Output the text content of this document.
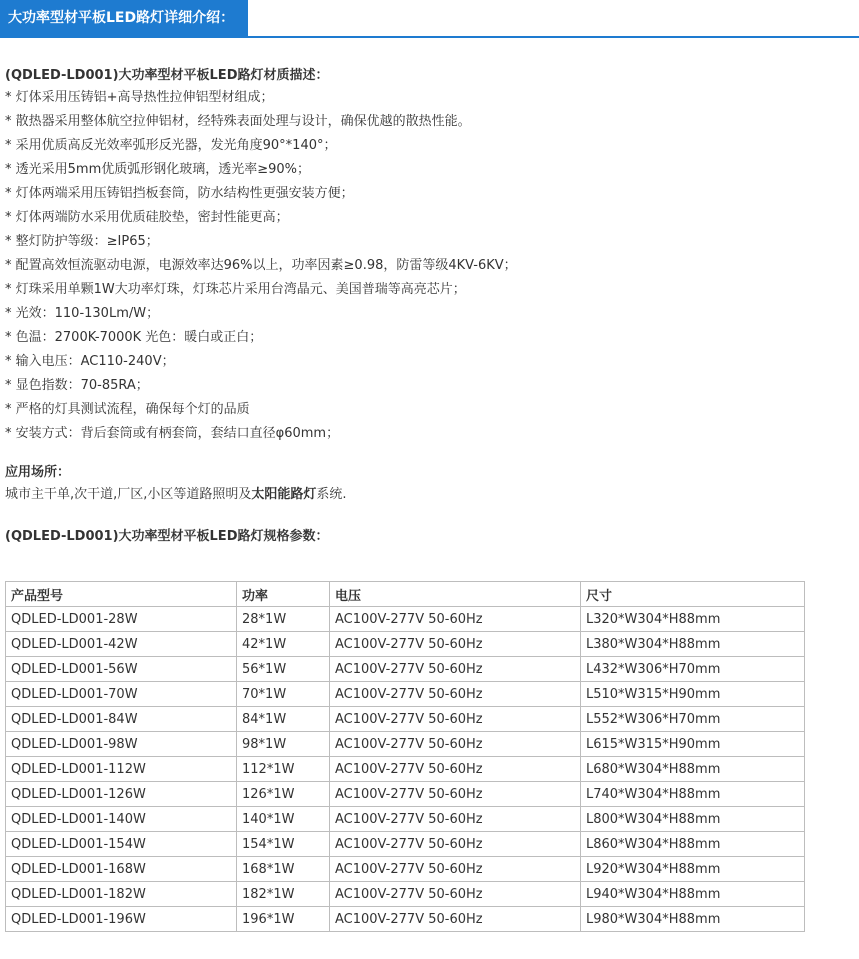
大功率型材平板LED路灯详细介绍：
(QDLED-LD001)大功率型材平板LED路灯材质描述：
* 灯体采用压铸铝+高导热性拉伸铝型材组成；
* 散热器采用整体航空拉伸铝材，经特殊表面处理与设计，确保优越的散热性能。
* 采用优质高反光效率弧形反光器，发光角度90°*140°；
* 透光采用5mm优质弧形钢化玻璃，透光率≥90%；
* 灯体两端采用压铸铝挡板套筒，防水结构性更强安装方便；
* 灯体两端防水采用优质硅胶垫，密封性能更高；
* 整灯防护等级：≥IP65；
* 配置高效恒流驱动电源，电源效率达96%以上，功率因素≥0.98，防雷等级4KV-6KV；
* 灯珠采用单颗1W大功率灯珠，灯珠芯片采用台湾晶元、美国普瑞等高亮芯片；
* 光效：110-130Lm/W；
* 色温：2700K-7000K 光色：暖白或正白；
* 输入电压：AC110-240V；
* 显色指数：70-85RA；
* 严格的灯具测试流程，确保每个灯的品质
* 安装方式：背后套筒或有柄套筒，套结口直径φ60mm；
应用场所：
城市主干单,次干道,厂区,小区等道路照明及太阳能路灯系统.
(QDLED-LD001)大功率型材平板LED路灯规格参数：
产品型号	功率	电压	尺寸
QDLED-LD001-28W	28*1W	AC100V-277V 50-60Hz	L320*W304*H88mm
QDLED-LD001-42W	42*1W	AC100V-277V 50-60Hz	L380*W304*H88mm
QDLED-LD001-56W	56*1W	AC100V-277V 50-60Hz	L432*W306*H70mm
QDLED-LD001-70W	70*1W	AC100V-277V 50-60Hz	L510*W315*H90mm
QDLED-LD001-84W	84*1W	AC100V-277V 50-60Hz	L552*W306*H70mm
QDLED-LD001-98W	98*1W	AC100V-277V 50-60Hz	L615*W315*H90mm
QDLED-LD001-112W	112*1W	AC100V-277V 50-60Hz	L680*W304*H88mm
QDLED-LD001-126W	126*1W	AC100V-277V 50-60Hz	L740*W304*H88mm
QDLED-LD001-140W	140*1W	AC100V-277V 50-60Hz	L800*W304*H88mm
QDLED-LD001-154W	154*1W	AC100V-277V 50-60Hz	L860*W304*H88mm
QDLED-LD001-168W	168*1W	AC100V-277V 50-60Hz	L920*W304*H88mm
QDLED-LD001-182W	182*1W	AC100V-277V 50-60Hz	L940*W304*H88mm
QDLED-LD001-196W	196*1W	AC100V-277V 50-60Hz	L980*W304*H88mm
